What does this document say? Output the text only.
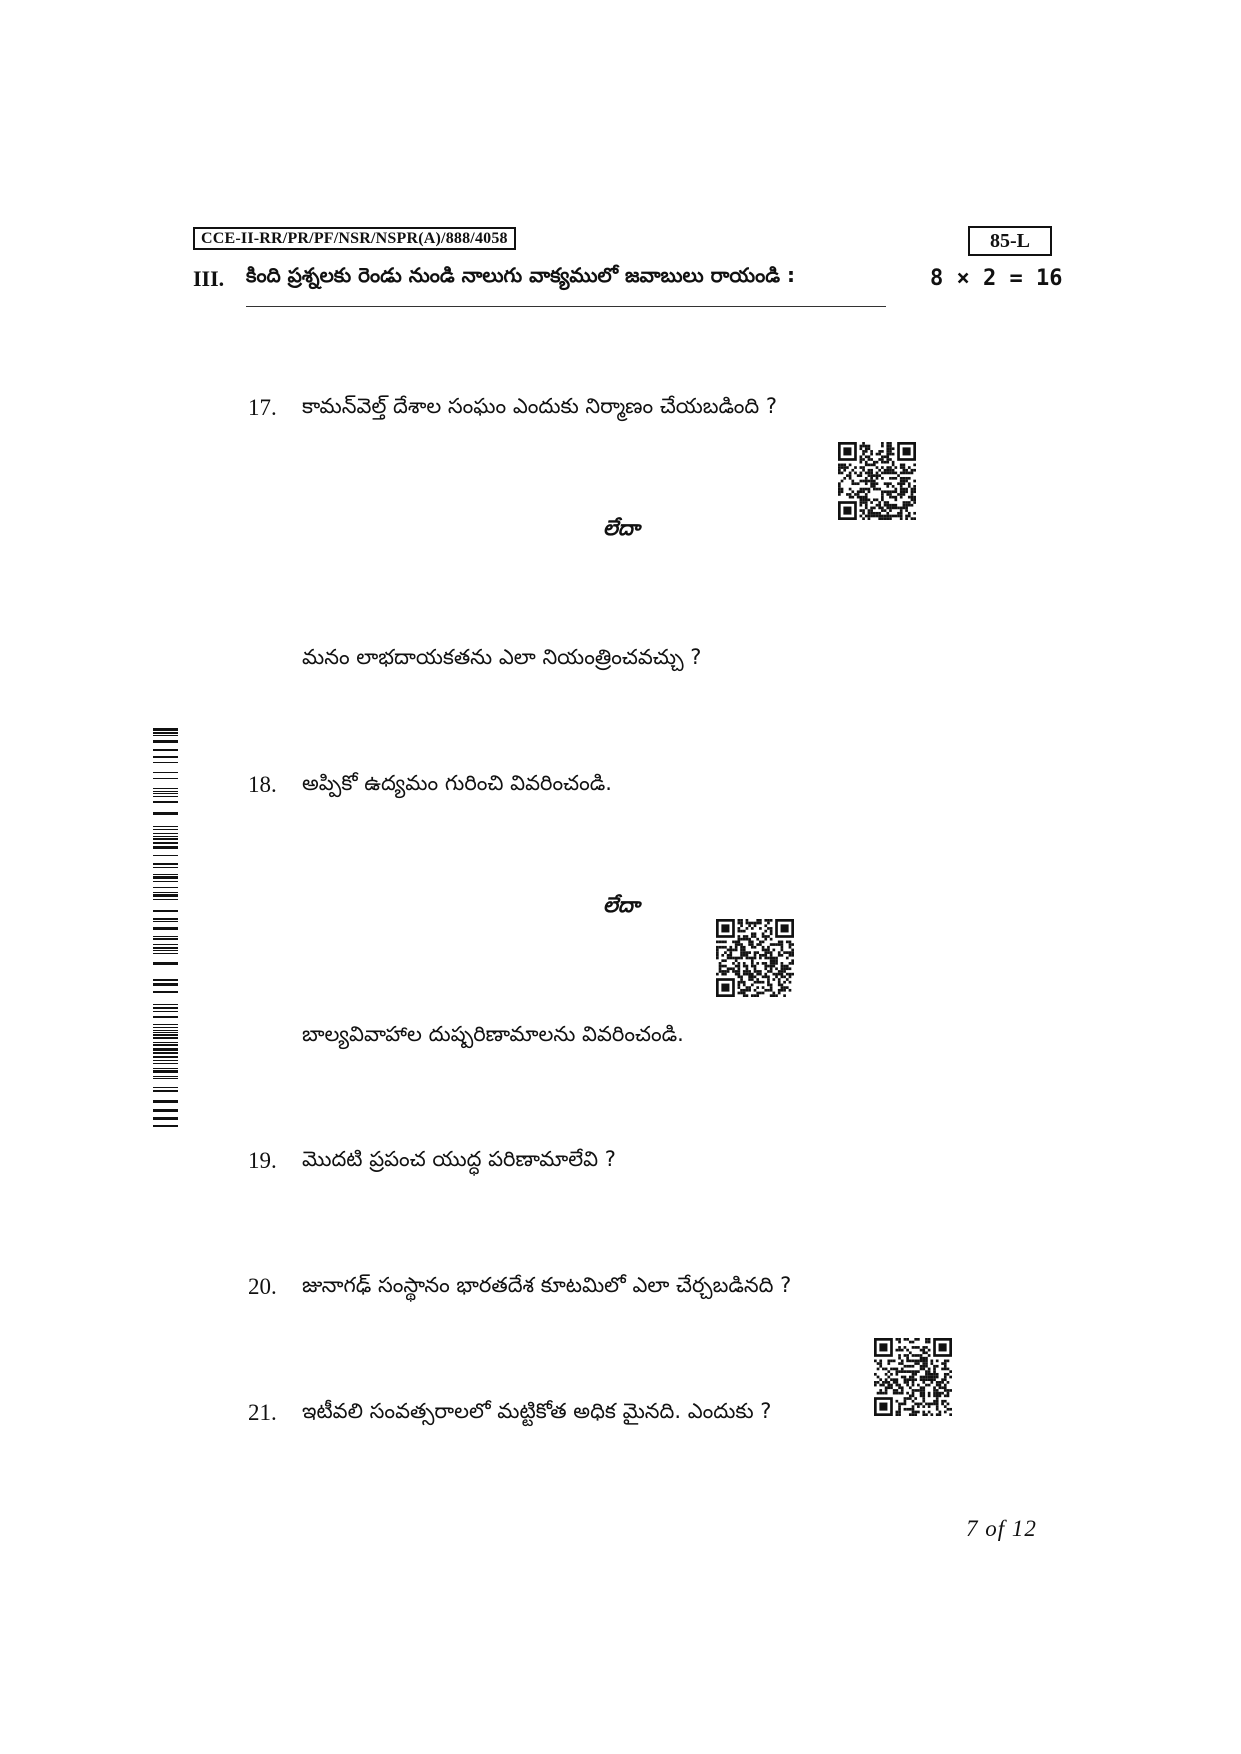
CCE-II-RR/PR/PF/NSR/NSPR(A)/888/4058	85-L
III. కింది ప్రశ్నలకు రెండు నుండి నాలుగు వాక్యములో జవాబులు రాయండి :	8 × 2 = 16
17. కామన్‌వెల్త్ దేశాల సంఘం ఎందుకు నిర్మాణం చేయబడింది ?
లేదా
మనం లాభదాయకతను ఎలా నియంత్రించవచ్చు ?
18. అప్పికో ఉద్యమం గురించి వివరించండి.
లేదా
బాల్యవివాహాల దుష్పరిణామాలను వివరించండి.
19. మొదటి ప్రపంచ యుద్ధ పరిణామాలేవి ?
20. జునాగఢ్ సంస్థానం భారతదేశ కూటమిలో ఎలా చేర్చబడినది ?
21. ఇటీవలి సంవత్సరాలలో మట్టికోత అధిక మైనది. ఎందుకు ?
7 of 12
